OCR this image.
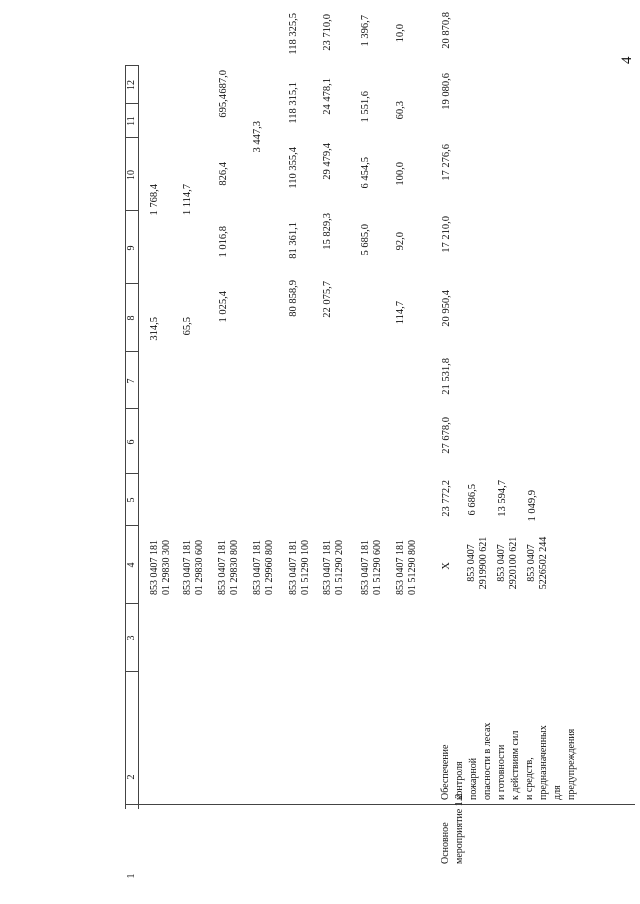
4
1
2
3
4
5
6
7
8
9
10
11
12
853 0407 181
01 29830 300
314,5 65,5
853 0407 181
01 29830 600
1 114,7
1 768,4
853 0407 181
01 29830 800
1 025,4
1 016,8
826,4
695,4
687,0
853 0407 181
01 29960 800
3 447,3
853 0407 181
01 51290 100
80 858,9
81 361,1
110 355,4
118 315,1
118 325,5
853 0407 181
01 51290 200
22 075,7
15 829,3
29 479,4
24 478,1
23 710,0
853 0407 181
01 51290 600
5 685,0
6 454,5
1 551,6
1 396,7
853 0407 181
01 51290 800
114,7
92,0
100,0
60,3
10,0
Основное мероприятие 1.2
Обеспечение контроля пожарной опасности в лесах и готовности к действиям сил и средств, предназначенных для предупреждения
X
23 772,2
27 678,0
21 531,8
20 950,4
17 210,0
17 276,6
19 080,6
20 870,8
853 0407
2919900 621
6 686,5
853 0407
2920100 621
13 594,7
853 0407
5226502 244
1 049,9
